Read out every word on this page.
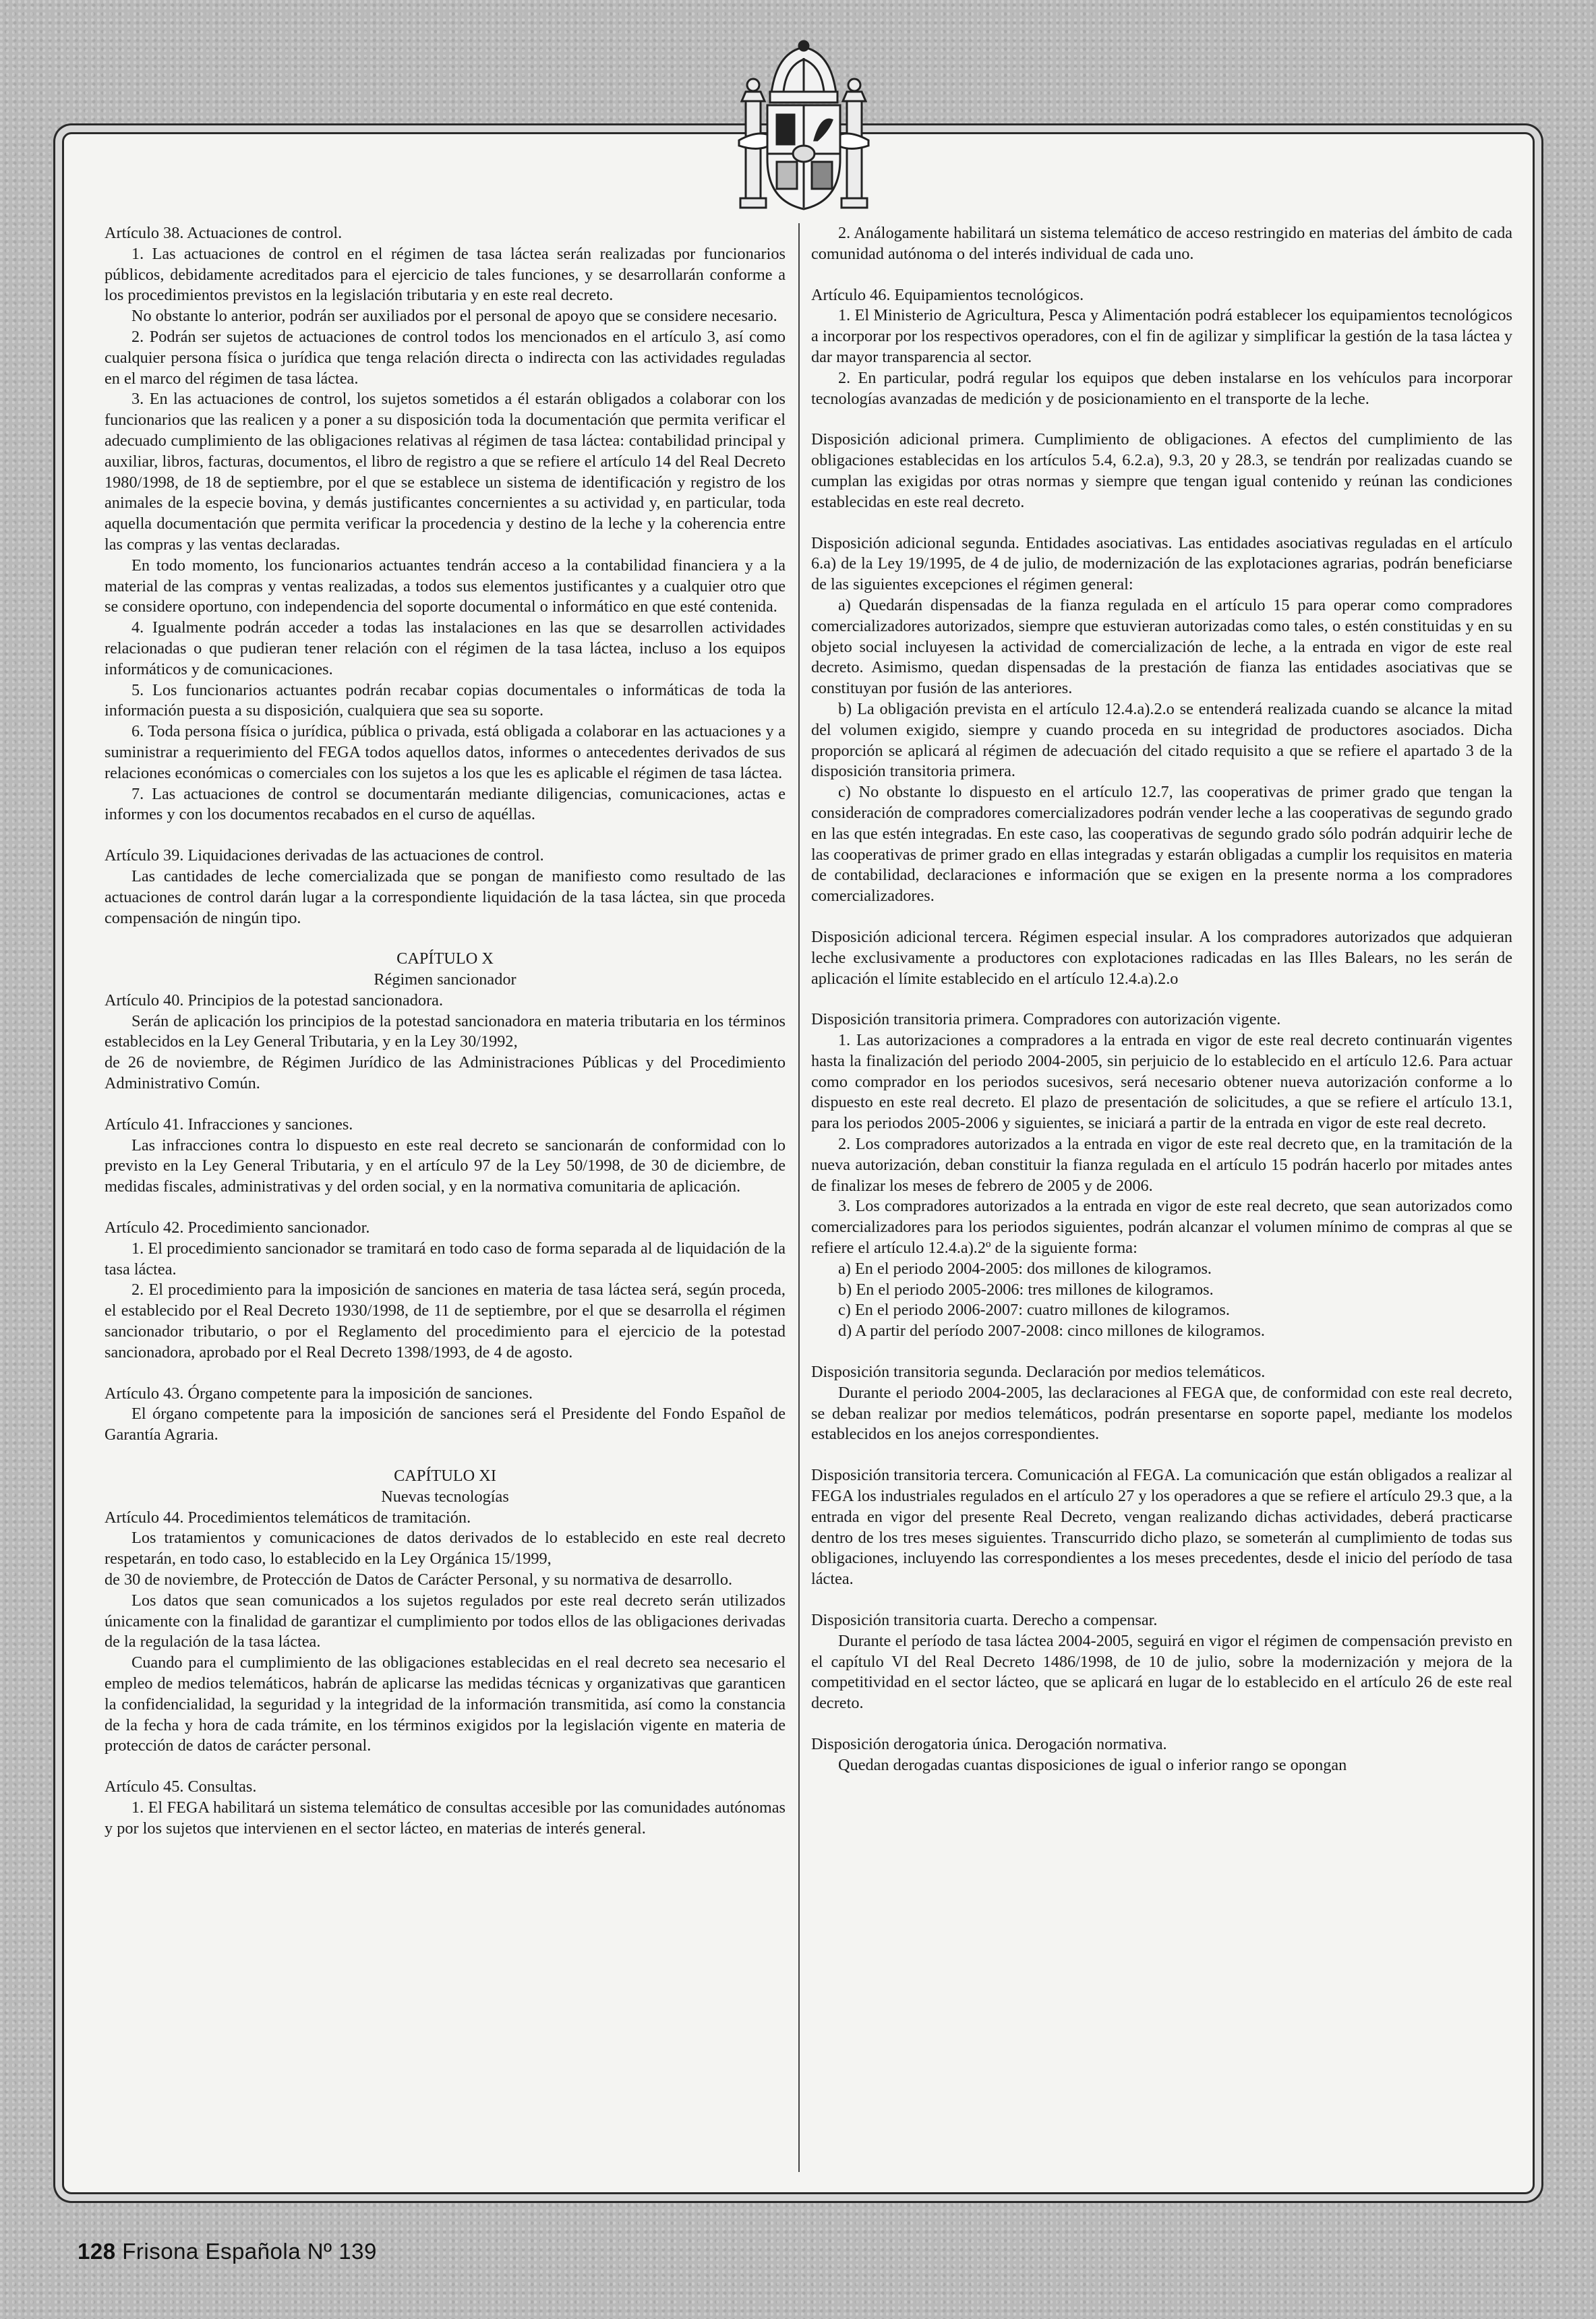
Artículo 38. Actuaciones de control.

1. Las actuaciones de control en el régimen de tasa láctea serán realizadas por funcionarios públicos, debidamente acreditados para el ejercicio de tales funciones, y se desarrollarán conforme a los procedimientos previstos en la legislación tributaria y en este real decreto.

No obstante lo anterior, podrán ser auxiliados por el personal de apoyo que se considere necesario.

2. Podrán ser sujetos de actuaciones de control todos los mencionados en el artículo 3, así como cualquier persona física o jurídica que tenga relación directa o indirecta con las actividades reguladas en el marco del régimen de tasa láctea.

3. En las actuaciones de control, los sujetos sometidos a él estarán obligados a colaborar con los funcionarios que las realicen y a poner a su disposición toda la documentación que permita verificar el adecuado cumplimiento de las obligaciones relativas al régimen de tasa láctea: contabilidad principal y auxiliar, libros, facturas, documentos, el libro de registro a que se refiere el artículo 14 del Real Decreto 1980/1998, de 18 de septiembre, por el que se establece un sistema de identificación y registro de los animales de la especie bovina, y demás justificantes concernientes a su actividad y, en particular, toda aquella documentación que permita verificar la procedencia y destino de la leche y la coherencia entre las compras y las ventas declaradas.

En todo momento, los funcionarios actuantes tendrán acceso a la contabilidad financiera y a la material de las compras y ventas realizadas, a todos sus elementos justificantes y a cualquier otro que se considere oportuno, con independencia del soporte documental o informático en que esté contenida.

4. Igualmente podrán acceder a todas las instalaciones en las que se desarrollen actividades relacionadas o que pudieran tener relación con el régimen de la tasa láctea, incluso a los equipos informáticos y de comunicaciones.

5. Los funcionarios actuantes podrán recabar copias documentales o informáticas de toda la información puesta a su disposición, cualquiera que sea su soporte.

6. Toda persona física o jurídica, pública o privada, está obligada a colaborar en las actuaciones y a suministrar a requerimiento del FEGA todos aquellos datos, informes o antecedentes derivados de sus relaciones económicas o comerciales con los sujetos a los que les es aplicable el régimen de tasa láctea.

7. Las actuaciones de control se documentarán mediante diligencias, comunicaciones, actas e informes y con los documentos recabados en el curso de aquéllas.

Artículo 39. Liquidaciones derivadas de las actuaciones de control.

Las cantidades de leche comercializada que se pongan de manifiesto como resultado de las actuaciones de control darán lugar a la correspondiente liquidación de la tasa láctea, sin que proceda compensación de ningún tipo.

CAPÍTULO X

Régimen sancionador

Artículo 40. Principios de la potestad sancionadora.

Serán de aplicación los principios de la potestad sancionadora en materia tributaria en los términos establecidos en la Ley General Tributaria, y en la Ley 30/1992,

de 26 de noviembre, de Régimen Jurídico de las Administraciones Públicas y del Procedimiento Administrativo Común.

Artículo 41. Infracciones y sanciones.

Las infracciones contra lo dispuesto en este real decreto se sancionarán de conformidad con lo previsto en la Ley General Tributaria, y en el artículo 97 de la Ley 50/1998, de 30 de diciembre, de medidas fiscales, administrativas y del orden social, y en la normativa comunitaria de aplicación.

Artículo 42. Procedimiento sancionador.

1. El procedimiento sancionador se tramitará en todo caso de forma separada al de liquidación de la tasa láctea.

2. El procedimiento para la imposición de sanciones en materia de tasa láctea será, según proceda, el establecido por el Real Decreto 1930/1998, de 11 de septiembre, por el que se desarrolla el régimen sancionador tributario, o por el Reglamento del procedimiento para el ejercicio de la potestad sancionadora, aprobado por el Real Decreto 1398/1993, de 4 de agosto.

Artículo 43. Órgano competente para la imposición de sanciones.

El órgano competente para la imposición de sanciones será el Presidente del Fondo Español de Garantía Agraria.

CAPÍTULO XI

Nuevas tecnologías

Artículo 44. Procedimientos telemáticos de tramitación.

Los tratamientos y comunicaciones de datos derivados de lo establecido en este real decreto respetarán, en todo caso, lo establecido en la Ley Orgánica 15/1999,

de 30 de noviembre, de Protección de Datos de Carácter Personal, y su normativa de desarrollo.

Los datos que sean comunicados a los sujetos regulados por este real decreto serán utilizados únicamente con la finalidad de garantizar el cumplimiento por todos ellos de las obligaciones derivadas de la regulación de la tasa láctea.

Cuando para el cumplimiento de las obligaciones establecidas en el real decreto sea necesario el empleo de medios telemáticos, habrán de aplicarse las medidas técnicas y organizativas que garanticen la confidencialidad, la seguridad y la integridad de la información transmitida, así como la constancia de la fecha y hora de cada trámite, en los términos exigidos por la legislación vigente en materia de protección de datos de carácter personal.

Artículo 45. Consultas.

1. El FEGA habilitará un sistema telemático de consultas accesible por las comunidades autónomas y por los sujetos que intervienen en el sector lácteo, en materias de interés general.

2. Análogamente habilitará un sistema telemático de acceso restringido en materias del ámbito de cada comunidad autónoma o del interés individual de cada uno.

Artículo 46. Equipamientos tecnológicos.

1. El Ministerio de Agricultura, Pesca y Alimentación podrá establecer los equipamientos tecnológicos a incorporar por los respectivos operadores, con el fin de agilizar y simplificar la gestión de la tasa láctea y dar mayor transparencia al sector.

2. En particular, podrá regular los equipos que deben instalarse en los vehículos para incorporar tecnologías avanzadas de medición y de posicionamiento en el transporte de la leche.

Disposición adicional primera. Cumplimiento de obligaciones. A efectos del cumplimiento de las obligaciones establecidas en los artículos 5.4, 6.2.a), 9.3, 20 y 28.3, se tendrán por realizadas cuando se cumplan las exigidas por otras normas y siempre que tengan igual contenido y reúnan las condiciones establecidas en este real decreto.

Disposición adicional segunda. Entidades asociativas. Las entidades asociativas reguladas en el artículo 6.a) de la Ley 19/1995, de 4 de julio, de modernización de las explotaciones agrarias, podrán beneficiarse de las siguientes excepciones el régimen general:

a) Quedarán dispensadas de la fianza regulada en el artículo 15 para operar como compradores comercializadores autorizados, siempre que estuvieran autorizadas como tales, o estén constituidas y en su objeto social incluyesen la actividad de comercialización de leche, a la entrada en vigor de este real decreto. Asimismo, quedan dispensadas de la prestación de fianza las entidades asociativas que se constituyan por fusión de las anteriores.

b) La obligación prevista en el artículo 12.4.a).2.o se entenderá realizada cuando se alcance la mitad del volumen exigido, siempre y cuando proceda en su integridad de productores asociados. Dicha proporción se aplicará al régimen de adecuación del citado requisito a que se refiere el apartado 3 de la disposición transitoria primera.

c) No obstante lo dispuesto en el artículo 12.7, las cooperativas de primer grado que tengan la consideración de compradores comercializadores podrán vender leche a las cooperativas de segundo grado en las que estén integradas. En este caso, las cooperativas de segundo grado sólo podrán adquirir leche de las cooperativas de primer grado en ellas integradas y estarán obligadas a cumplir los requisitos en materia de contabilidad, declaraciones e información que se exigen en la presente norma a los compradores comercializadores.

Disposición adicional tercera. Régimen especial insular. A los compradores autorizados que adquieran leche exclusivamente a productores con explotaciones radicadas en las Illes Balears, no les serán de aplicación el límite establecido en el artículo 12.4.a).2.o

Disposición transitoria primera. Compradores con autorización vigente.

1. Las autorizaciones a compradores a la entrada en vigor de este real decreto continuarán vigentes hasta la finalización del periodo 2004-2005, sin perjuicio de lo establecido en el artículo 12.6. Para actuar como comprador en los periodos sucesivos, será necesario obtener nueva autorización conforme a lo dispuesto en este real decreto. El plazo de presentación de solicitudes, a que se refiere el artículo 13.1, para los periodos 2005-2006 y siguientes, se iniciará a partir de la entrada en vigor de este real decreto.

2. Los compradores autorizados a la entrada en vigor de este real decreto que, en la tramitación de la nueva autorización, deban constituir la fianza regulada en el artículo 15 podrán hacerlo por mitades antes de finalizar los meses de febrero de 2005 y de 2006.

3. Los compradores autorizados a la entrada en vigor de este real decreto, que sean autorizados como comercializadores para los periodos siguientes, podrán alcanzar el volumen mínimo de compras al que se refiere el artículo 12.4.a).2º de la siguiente forma:

a) En el periodo 2004-2005: dos millones de kilogramos.

b) En el periodo 2005-2006: tres millones de kilogramos.

c) En el periodo 2006-2007: cuatro millones de kilogramos.

d) A partir del período 2007-2008: cinco millones de kilogramos.

Disposición transitoria segunda. Declaración por medios telemáticos.

Durante el periodo 2004-2005, las declaraciones al FEGA que, de conformidad con este real decreto, se deban realizar por medios telemáticos, podrán presentarse en soporte papel, mediante los modelos establecidos en los anejos correspondientes.

Disposición transitoria tercera. Comunicación al FEGA. La comunicación que están obligados a realizar al FEGA los industriales regulados en el artículo 27 y los operadores a que se refiere el artículo 29.3 que, a la entrada en vigor del presente Real Decreto, vengan realizando dichas actividades, deberá practicarse dentro de los tres meses siguientes. Transcurrido dicho plazo, se someterán al cumplimiento de todas sus obligaciones, incluyendo las correspondientes a los meses precedentes, desde el inicio del período de tasa láctea.

Disposición transitoria cuarta. Derecho a compensar.

Durante el período de tasa láctea 2004-2005, seguirá en vigor el régimen de compensación previsto en el capítulo VI del Real Decreto 1486/1998, de 10 de julio, sobre la modernización y mejora de la competitividad en el sector lácteo, que se aplicará en lugar de lo establecido en el artículo 26 de este real decreto.

Disposición derogatoria única. Derogación normativa.

Quedan derogadas cuantas disposiciones de igual o inferior rango se opongan

128 Frisona Española Nº 139
